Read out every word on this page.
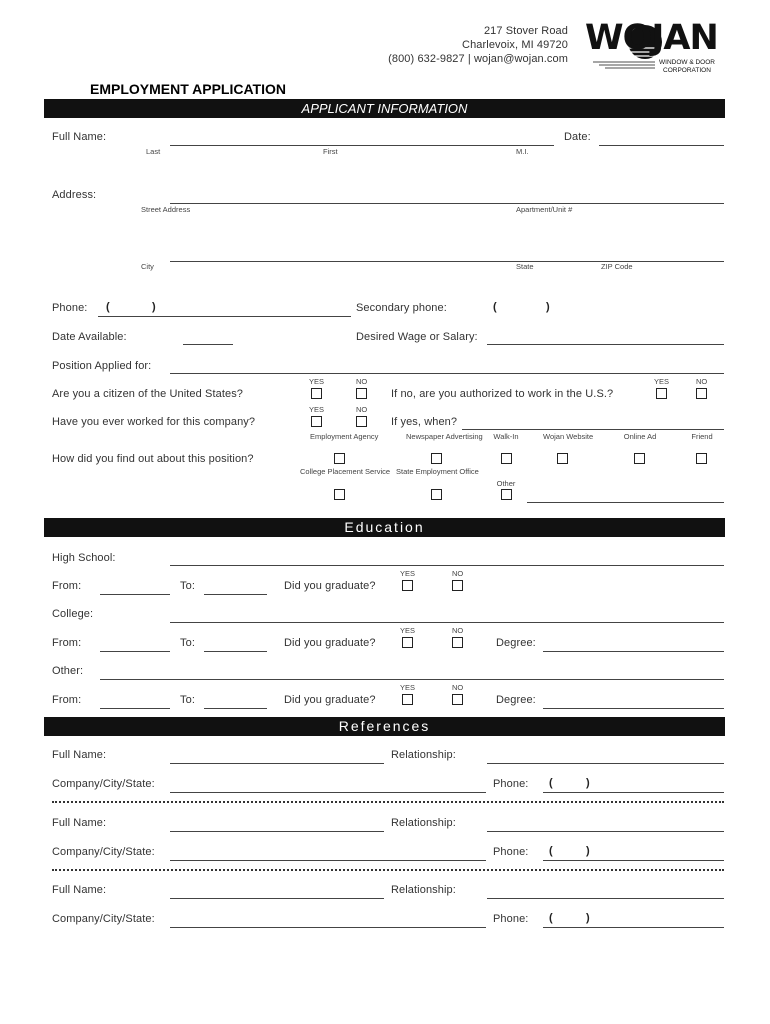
217 Stover Road
Charlevoix, MI 49720
(800) 632-9827 | wojan@wojan.com
WOJAN
WINDOW & DOOR
CORPORATION
EMPLOYMENT APPLICATION
APPLICANT INFORMATION
Full Name:
Last	First	M.I.
Date:
Address:
Street Address	Apartment/Unit #
City	State	ZIP Code
Phone: (	)	Secondary phone:	(	)
Date Available:	Desired Wage or Salary:
Position Applied for:
Are you a citizen of the United States?
YES	NO
If no, are you authorized to work in the U.S.?
YES	NO
Have you ever worked for this company?
YES	NO
If yes, when?
How did you find out about this position?
Employment Agency	Newspaper Advertising	Walk-In	Wojan Website	Online Ad	Friend
College Placement Service State Employment Office
Other
Education
High School:
From:	To:	Did you graduate?
YES	NO
College:
From:	To:	Did you graduate?
YES	NO
Degree:
Other:
From:	To:	Did you graduate?
YES	NO
Degree:
References
Full Name:	Relationship:
Company/City/State:	Phone: (	)
Full Name:	Relationship:
Company/City/State:	Phone: (	)
Full Name:	Relationship:
Company/City/State:	Phone: (	)
